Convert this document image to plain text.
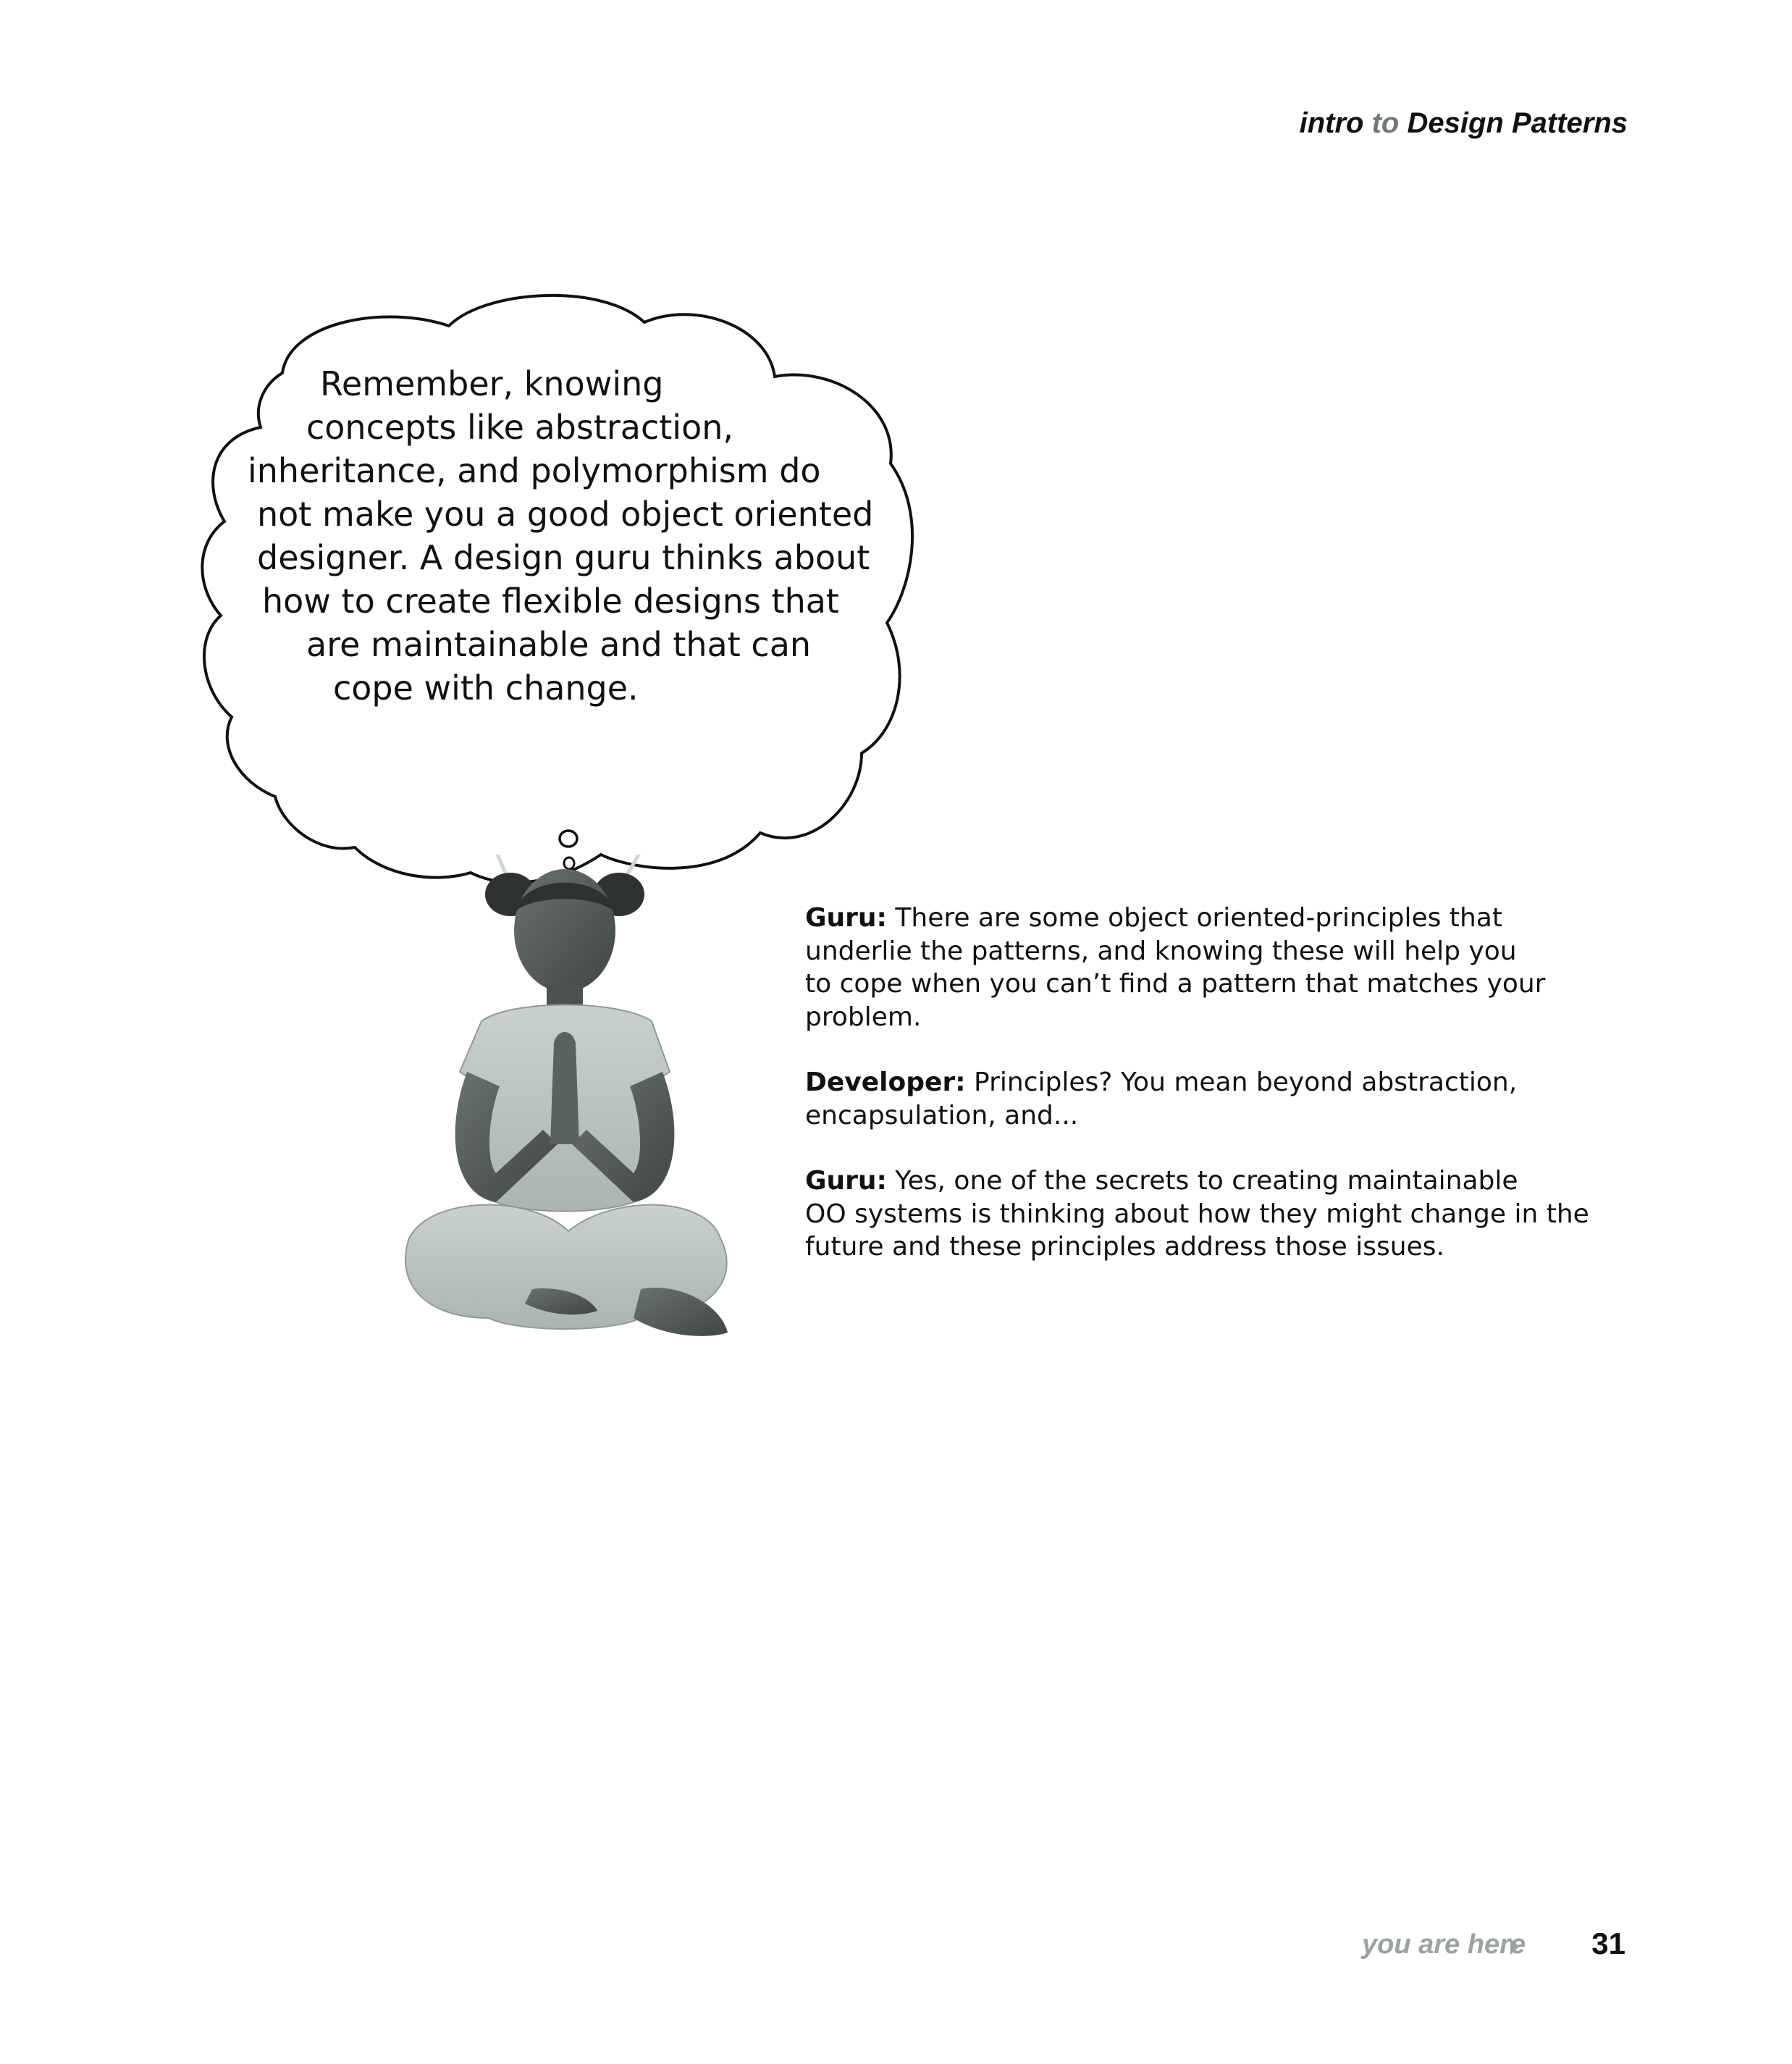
intro to Design Patterns
Remember, knowing
concepts like abstraction,
inheritance, and polymorphism do
not make you a good object oriented
designer. A design guru thinks about
how to create flexible designs that
are maintainable and that can
cope with change.
Guru: There are some object oriented-principles that
underlie the patterns, and knowing these will help you
to cope when you can’t find a pattern that matches your
problem.
Developer: Principles? You mean beyond abstraction,
encapsulation, and...
Guru: Yes, one of the secrets to creating maintainable
OO systems is thinking about how they might change in the
future and these principles address those issues.
you are here 31
